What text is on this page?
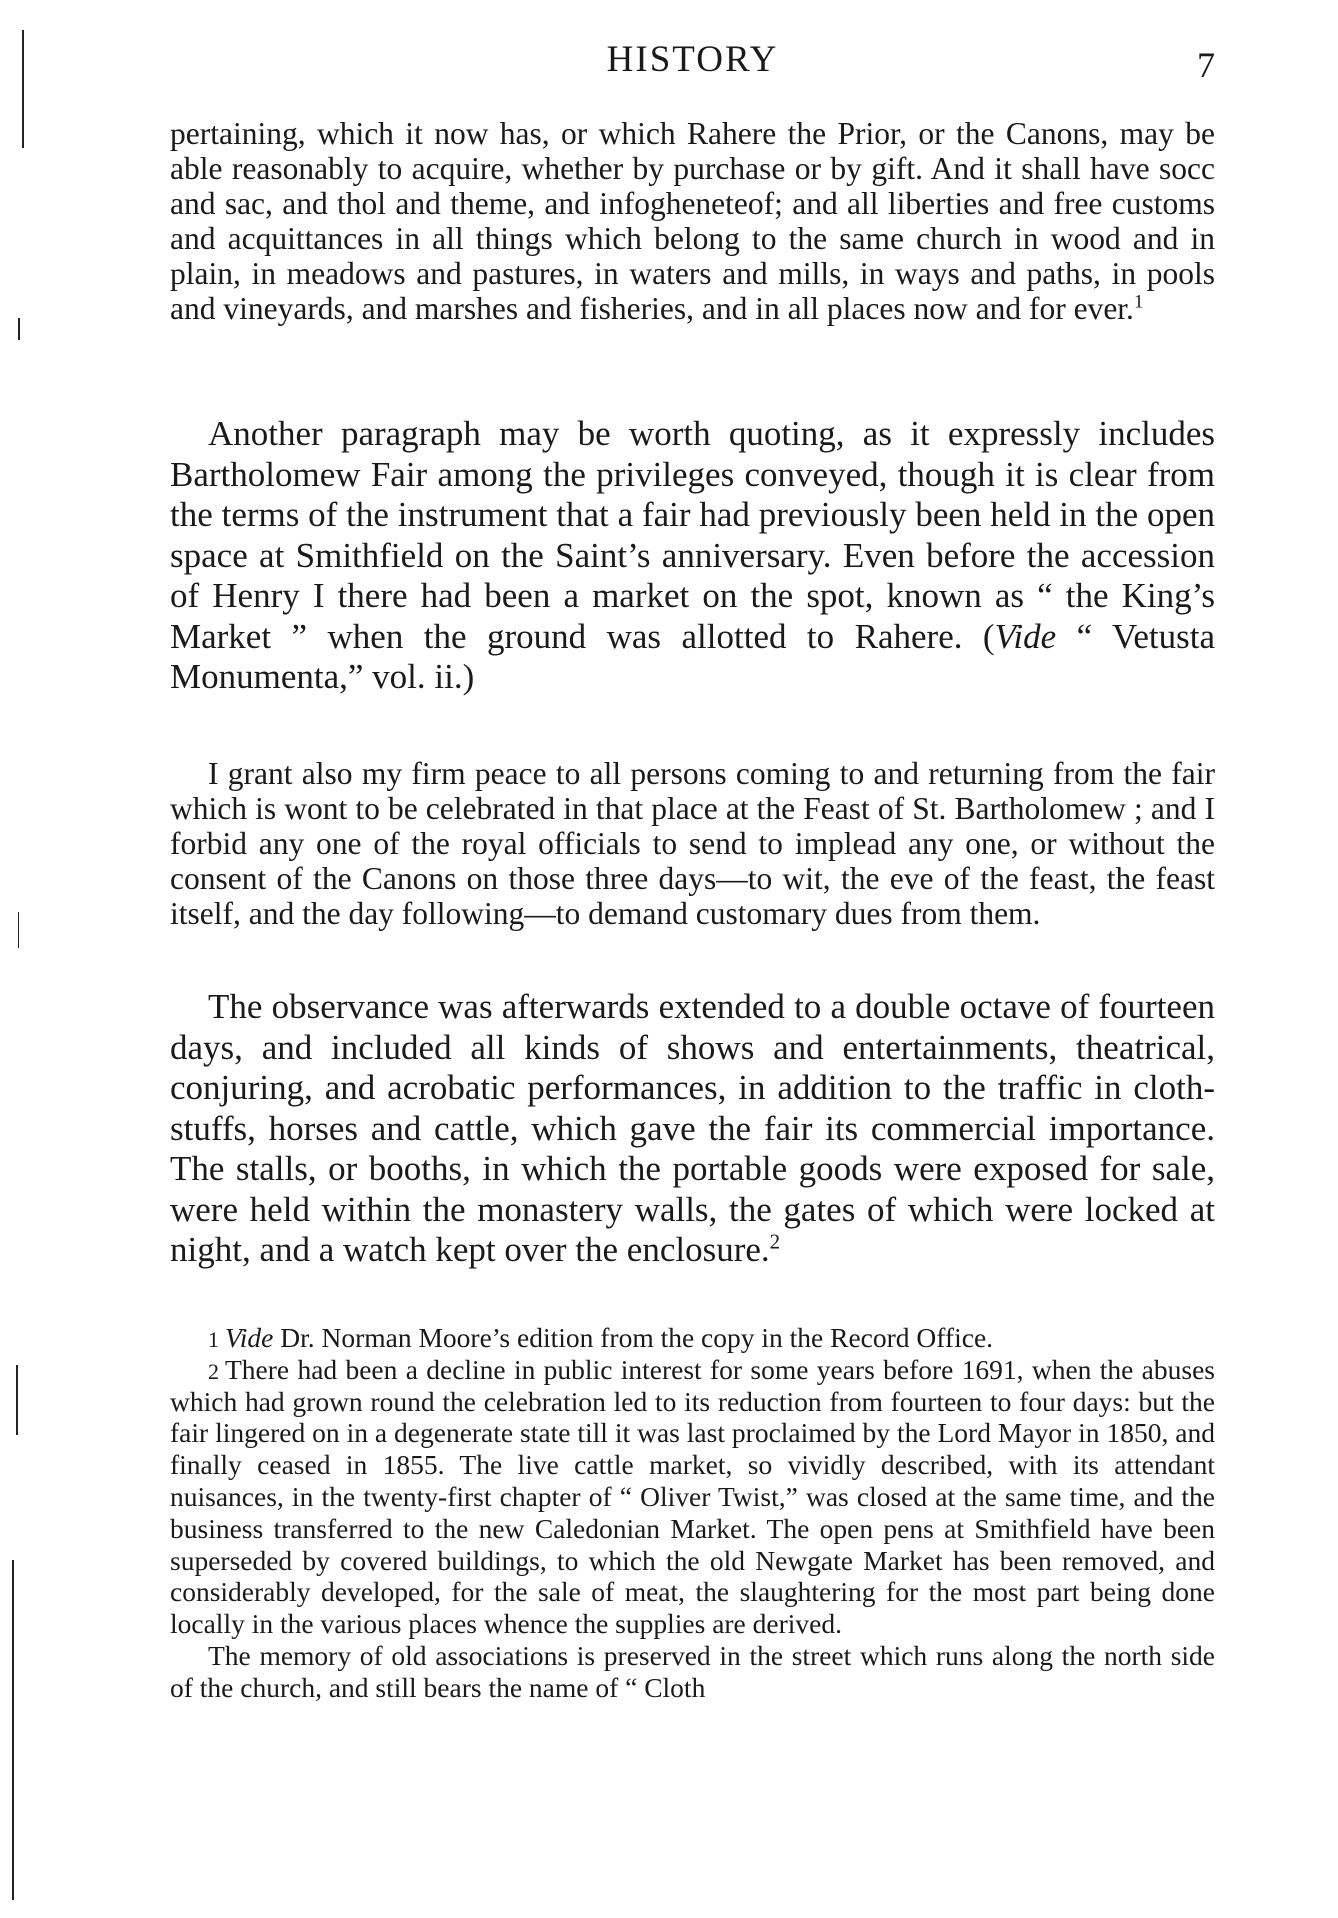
HISTORY	7

pertaining, which it now has, or which Rahere the Prior, or the Canons, may be able reasonably to acquire, whether by purchase or by gift. And it shall have socc and sac, and thol and theme, and infogheneteof; and all liberties and free customs and acquittances in all things which belong to the same church in wood and in plain, in meadows and pastures, in waters and mills, in ways and paths, in pools and vineyards, and marshes and fisheries, and in all places now and for ever.$^1$

Another paragraph may be worth quoting, as it expressly includes Bartholomew Fair among the privileges conveyed, though it is clear from the terms of the instrument that a fair had previously been held in the open space at Smithfield on the Saint’s anniversary. Even before the accession of Henry I there had been a market on the spot, known as “ the King’s Market ” when the ground was allotted to Rahere. (Vide “ Vetusta Monumenta,” vol. ii.)

I grant also my firm peace to all persons coming to and returning from the fair which is wont to be celebrated in that place at the Feast of St. Bartholomew ; and I forbid any one of the royal officials to send to implead any one, or without the consent of the Canons on those three days—to wit, the eve of the feast, the feast itself, and the day following—to demand customary dues from them.

The observance was afterwards extended to a double octave of fourteen days, and included all kinds of shows and entertainments, theatrical, conjuring, and acrobatic performances, in addition to the traffic in cloth-stuffs, horses and cattle, which gave the fair its commercial importance. The stalls, or booths, in which the portable goods were exposed for sale, were held within the monastery walls, the gates of which were locked at night, and a watch kept over the enclosure.$^2$

$^1$ Vide Dr. Norman Moore’s edition from the copy in the Record Office.

$^2$ There had been a decline in public interest for some years before 1691, when the abuses which had grown round the celebration led to its reduction from fourteen to four days: but the fair lingered on in a degenerate state till it was last proclaimed by the Lord Mayor in 1850, and finally ceased in 1855. The live cattle market, so vividly described, with its attendant nuisances, in the twenty-first chapter of “ Oliver Twist,” was closed at the same time, and the business transferred to the new Caledonian Market. The open pens at Smithfield have been superseded by covered buildings, to which the old Newgate Market has been removed, and considerably developed, for the sale of meat, the slaughtering for the most part being done locally in the various places whence the supplies are derived.

The memory of old associations is preserved in the street which runs along the north side of the church, and still bears the name of “ Cloth
